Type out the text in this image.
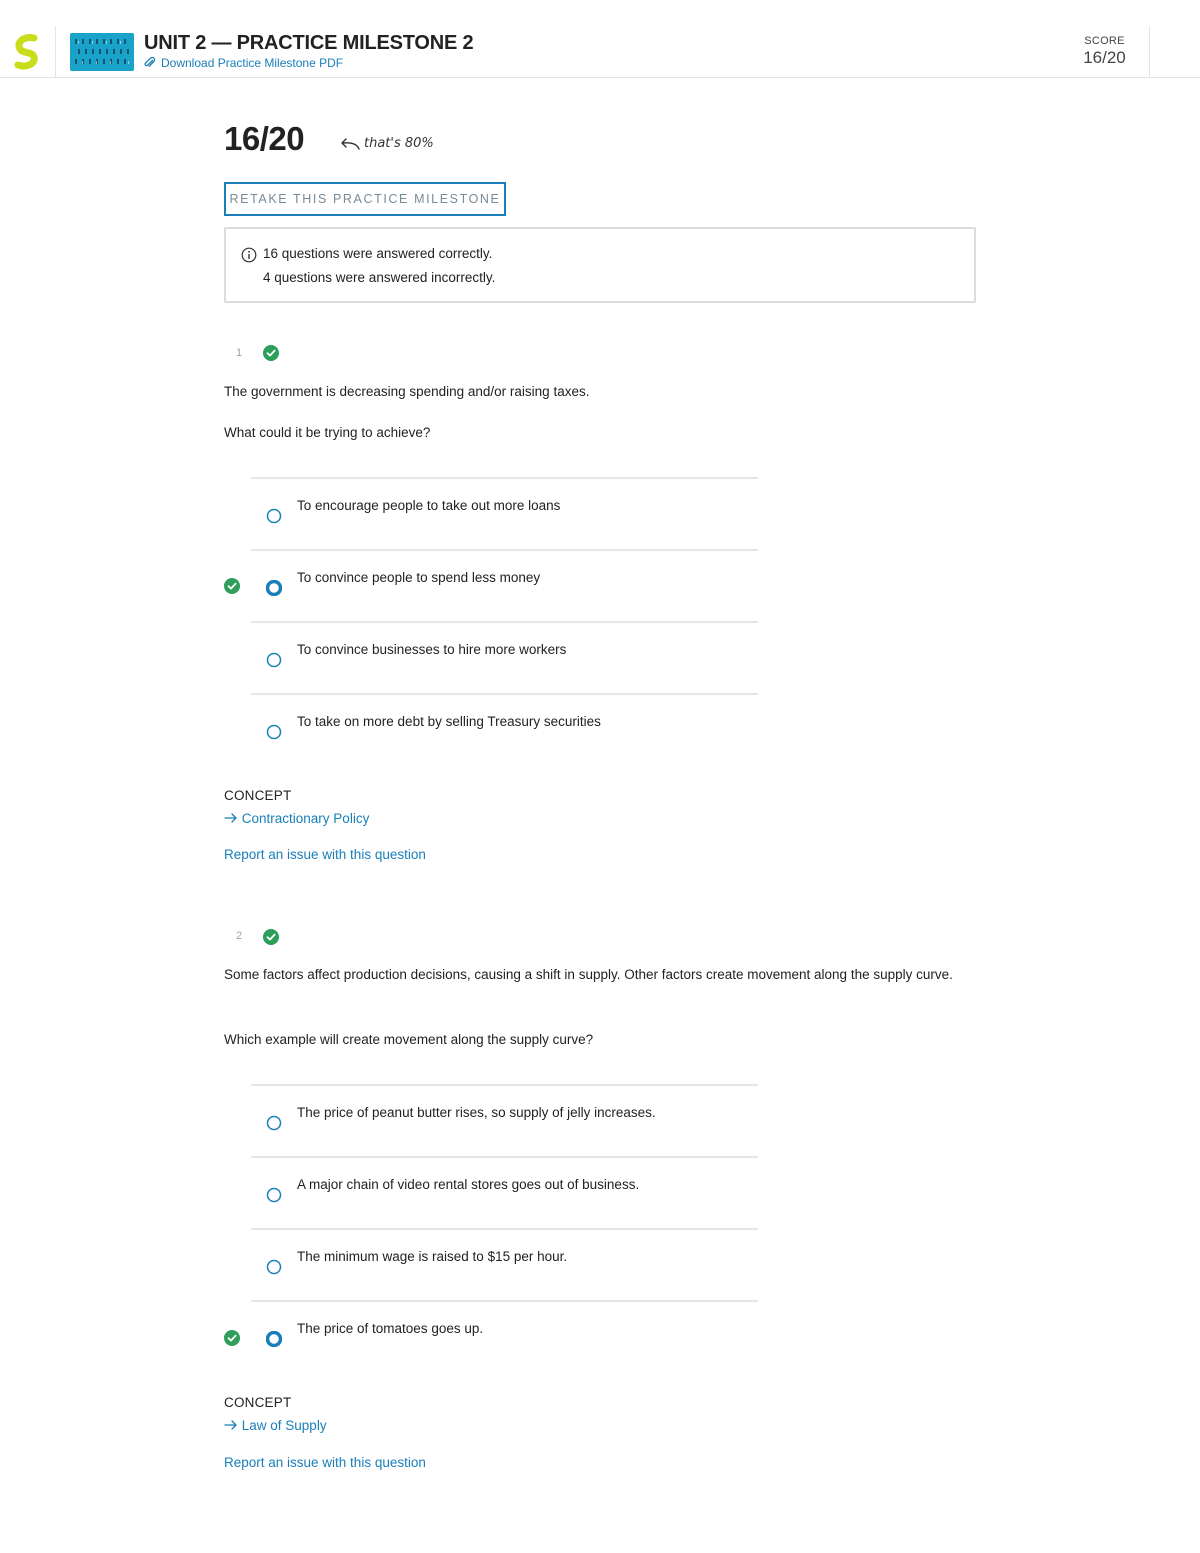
UNIT 2 — PRACTICE MILESTONE 2
Download Practice Milestone PDF
SCORE
16/20
16/20	that's 80%
RETAKE THIS PRACTICE MILESTONE
16 questions were answered correctly.
4 questions were answered incorrectly.
1

The government is decreasing spending and/or raising taxes.

What could it be trying to achieve?

To encourage people to take out more loans
To convince people to spend less money
To convince businesses to hire more workers
To take on more debt by selling Treasury securities
CONCEPT
Contractionary Policy
Report an issue with this question
2

Some factors affect production decisions, causing a shift in supply. Other factors create movement along the supply curve.

Which example will create movement along the supply curve?

The price of peanut butter rises, so supply of jelly increases.
A major chain of video rental stores goes out of business.
The minimum wage is raised to $15 per hour.
The price of tomatoes goes up.
CONCEPT
Law of Supply
Report an issue with this question
